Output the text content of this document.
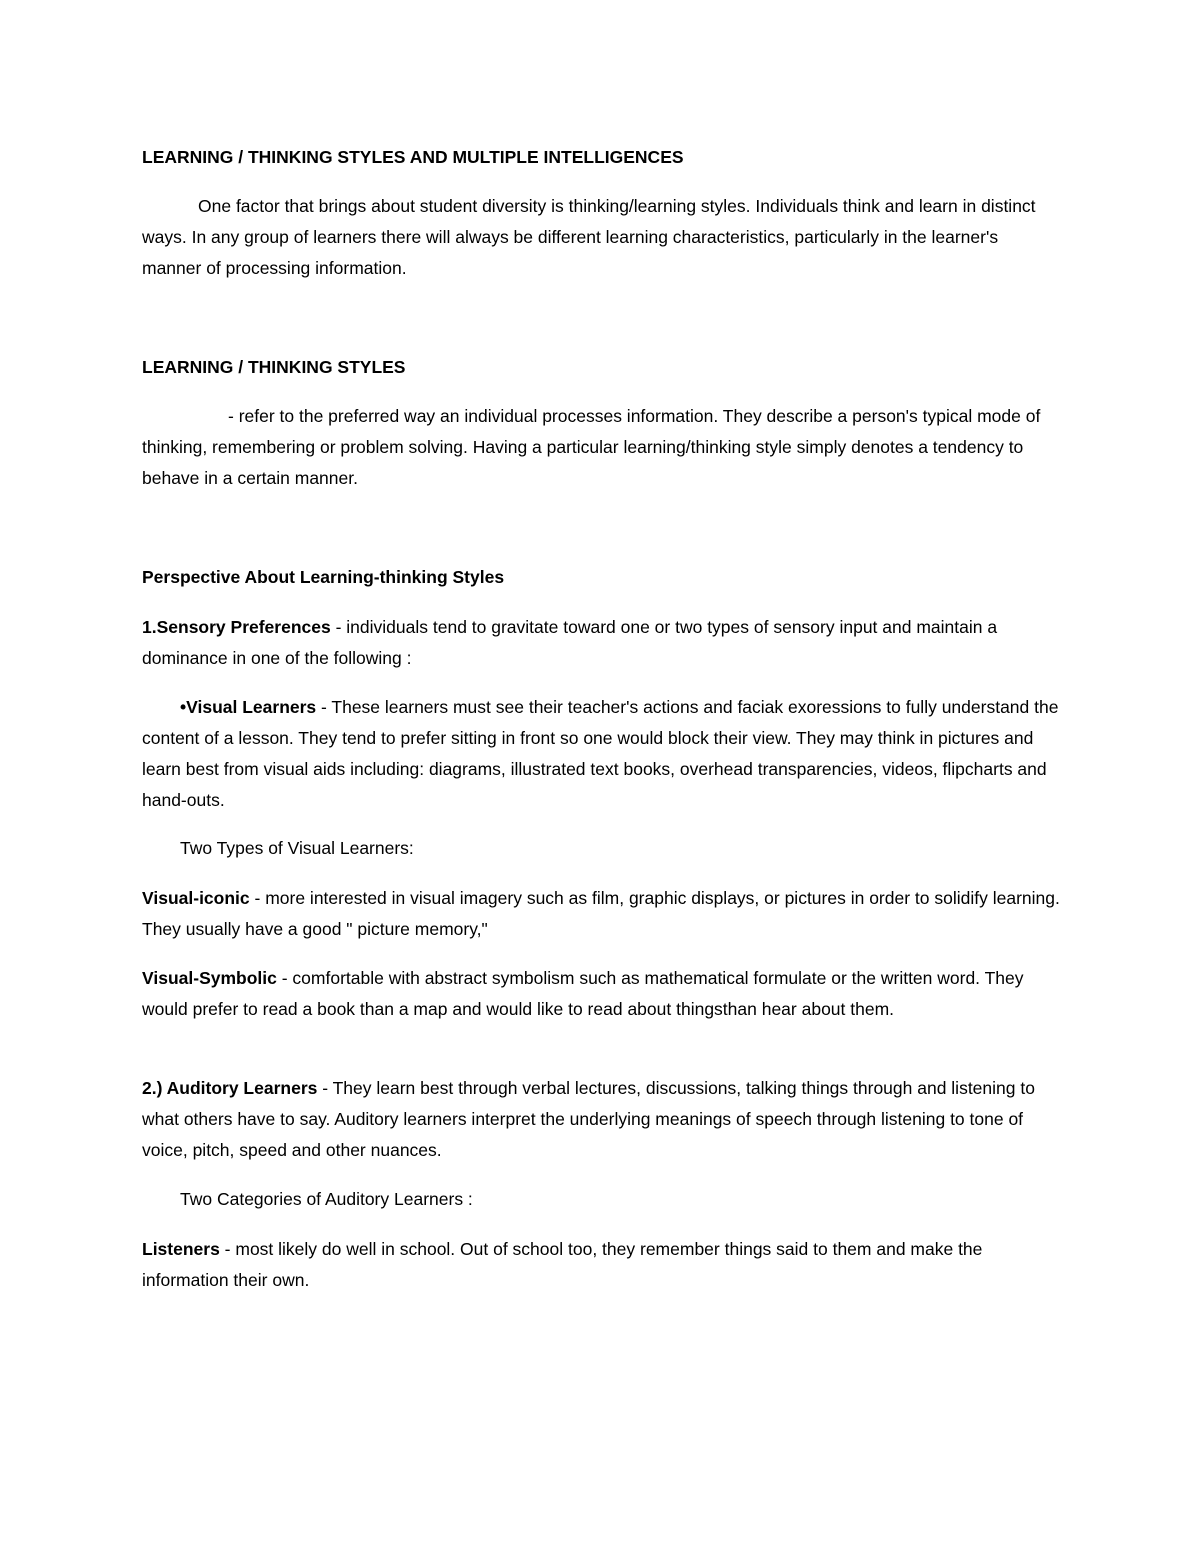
LEARNING / THINKING STYLES AND MULTIPLE INTELLIGENCES

One factor that brings about student diversity is thinking/learning styles. Individuals think and learn in distinct ways. In any group of learners there will always be different learning characteristics, particularly in the learner's manner of processing information.

LEARNING / THINKING STYLES

- refer to the preferred way an individual processes information. They describe a person's typical mode of thinking, remembering or problem solving. Having a particular learning/thinking style simply denotes a tendency to behave in a certain manner.

Perspective About Learning-thinking Styles

1.Sensory Preferences - individuals tend to gravitate toward one or two types of sensory input and maintain a dominance in one of the following :

•Visual Learners - These learners must see their teacher's actions and faciak exoressions to fully understand the content of a lesson. They tend to prefer sitting in front so one would block their view. They may think in pictures and learn best from visual aids including: diagrams, illustrated text books, overhead transparencies, videos, flipcharts and hand-outs.

Two Types of Visual Learners:

Visual-iconic - more interested in visual imagery such as film, graphic displays, or pictures in order to solidify learning. They usually have a good " picture memory,"

Visual-Symbolic - comfortable with abstract symbolism such as mathematical formulate or the written word. They would prefer to read a book than a map and would like to read about thingsthan hear about them.

2.) Auditory Learners - They learn best through verbal lectures, discussions, talking things through and listening to what others have to say. Auditory learners interpret the underlying meanings of speech through listening to tone of voice, pitch, speed and other nuances.

Two Categories of Auditory Learners :

Listeners - most likely do well in school. Out of school too, they remember things said to them and make the information their own.
